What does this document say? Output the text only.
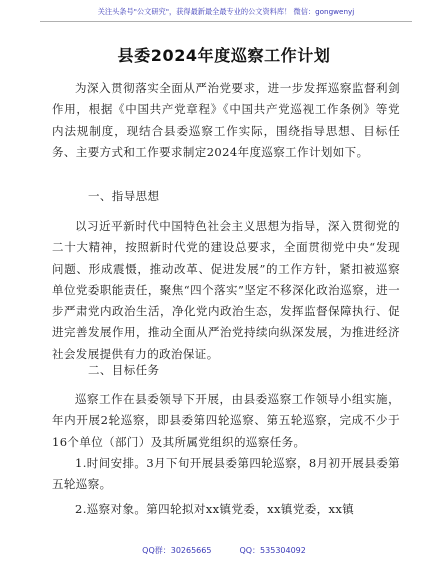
关注头条号"公文研究"，获得最新最全最专业的公文资料库！ 微信：gongwenyj
县委2024年度巡察工作计划
为深入贯彻落实全面从严治党要求，进一步发挥巡察监督利剑作用，根据《中国共产党章程》《中国共产党巡视工作条例》等党内法规制度，现结合县委巡察工作实际，围绕指导思想、目标任务、主要方式和工作要求制定2024年度巡察工作计划如下。
一、指导思想
以习近平新时代中国特色社会主义思想为指导，深入贯彻党的二十大精神，按照新时代党的建设总要求，全面贯彻党中央“发现问题、形成震慑，推动改革、促进发展”的工作方针，紧扣被巡察单位党委职能责任，聚焦“四个落实”坚定不移深化政治巡察，进一步严肃党内政治生活，净化党内政治生态，发挥监督保障执行、促进完善发展作用，推动全面从严治党持续向纵深发展，为推进经济社会发展提供有力的政治保证。
二、目标任务
巡察工作在县委领导下开展，由县委巡察工作领导小组实施，年内开展2轮巡察，即县委第四轮巡察、第五轮巡察，完成不少于16个单位（部门）及其所属党组织的巡察任务。
1.时间安排。3月下旬开展县委第四轮巡察，8月初开展县委第五轮巡察。
2.巡察对象。第四轮拟对xx镇党委，xx镇党委，xx镇
QQ群：30265665	QQ：535304092
